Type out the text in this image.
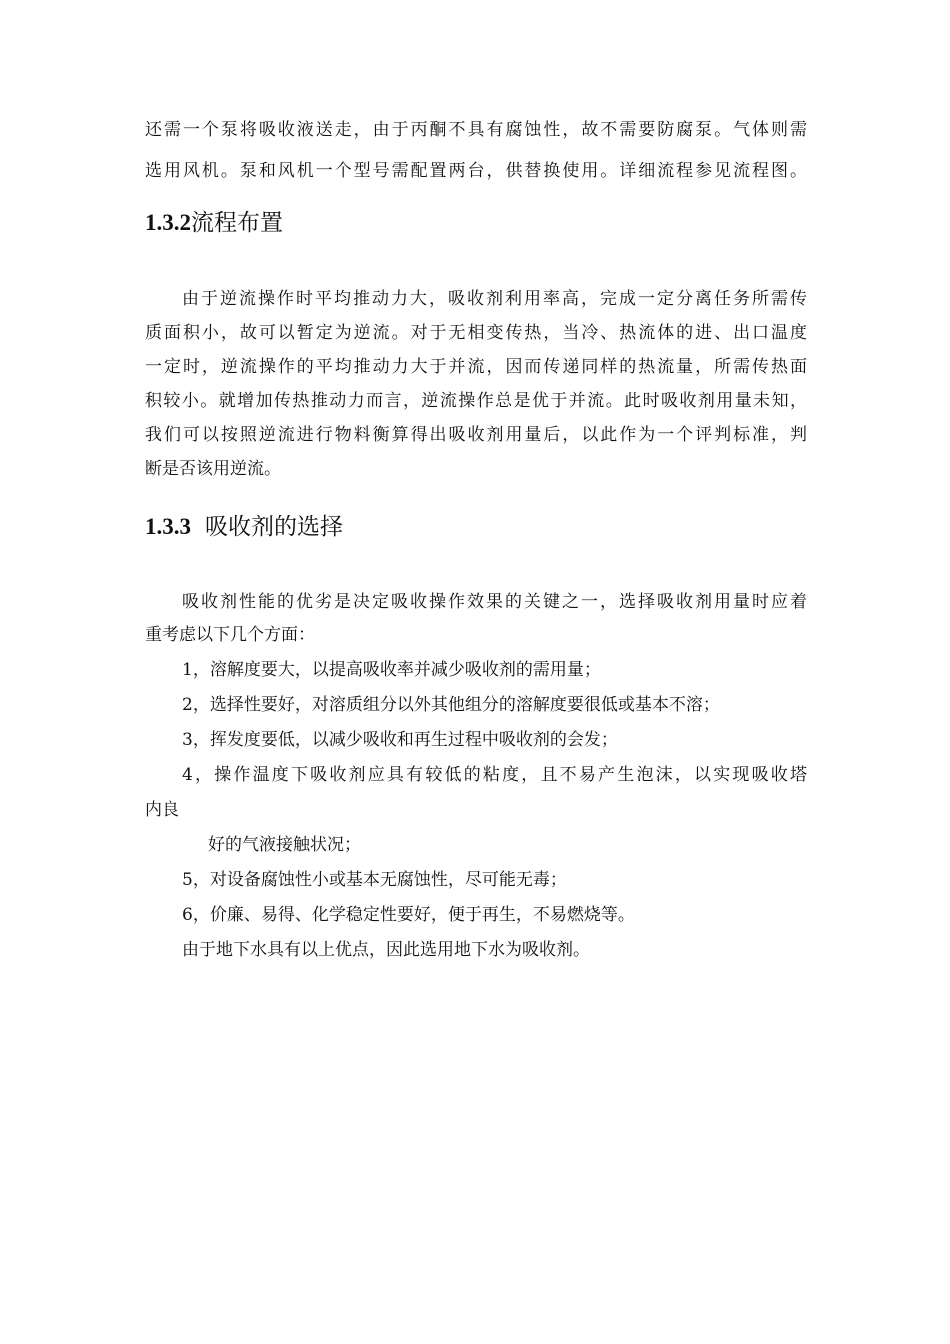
还需一个泵将吸收液送走，由于丙酮不具有腐蚀性，故不需要防腐泵。气体则需
选用风机。泵和风机一个型号需配置两台，供替换使用。详细流程参见流程图。
1.3.2流程布置
由于逆流操作时平均推动力大，吸收剂利用率高，完成一定分离任务所需传
质面积小，故可以暂定为逆流。对于无相变传热，当冷、热流体的进、出口温度
一定时，逆流操作的平均推动力大于并流，因而传递同样的热流量，所需传热面
积较小。就增加传热推动力而言，逆流操作总是优于并流。此时吸收剂用量未知，
我们可以按照逆流进行物料衡算得出吸收剂用量后，以此作为一个评判标准，判
断是否该用逆流。
1.3.3 吸收剂的选择
吸收剂性能的优劣是决定吸收操作效果的关键之一，选择吸收剂用量时应着
重考虑以下几个方面：
1，溶解度要大，以提高吸收率并减少吸收剂的需用量；
2，选择性要好，对溶质组分以外其他组分的溶解度要很低或基本不溶；
3，挥发度要低，以减少吸收和再生过程中吸收剂的会发；
4，操作温度下吸收剂应具有较低的粘度，且不易产生泡沫，以实现吸收塔
内良
好的气液接触状况；
5，对设备腐蚀性小或基本无腐蚀性，尽可能无毒；
6，价廉、易得、化学稳定性要好，便于再生，不易燃烧等。
由于地下水具有以上优点，因此选用地下水为吸收剂。
